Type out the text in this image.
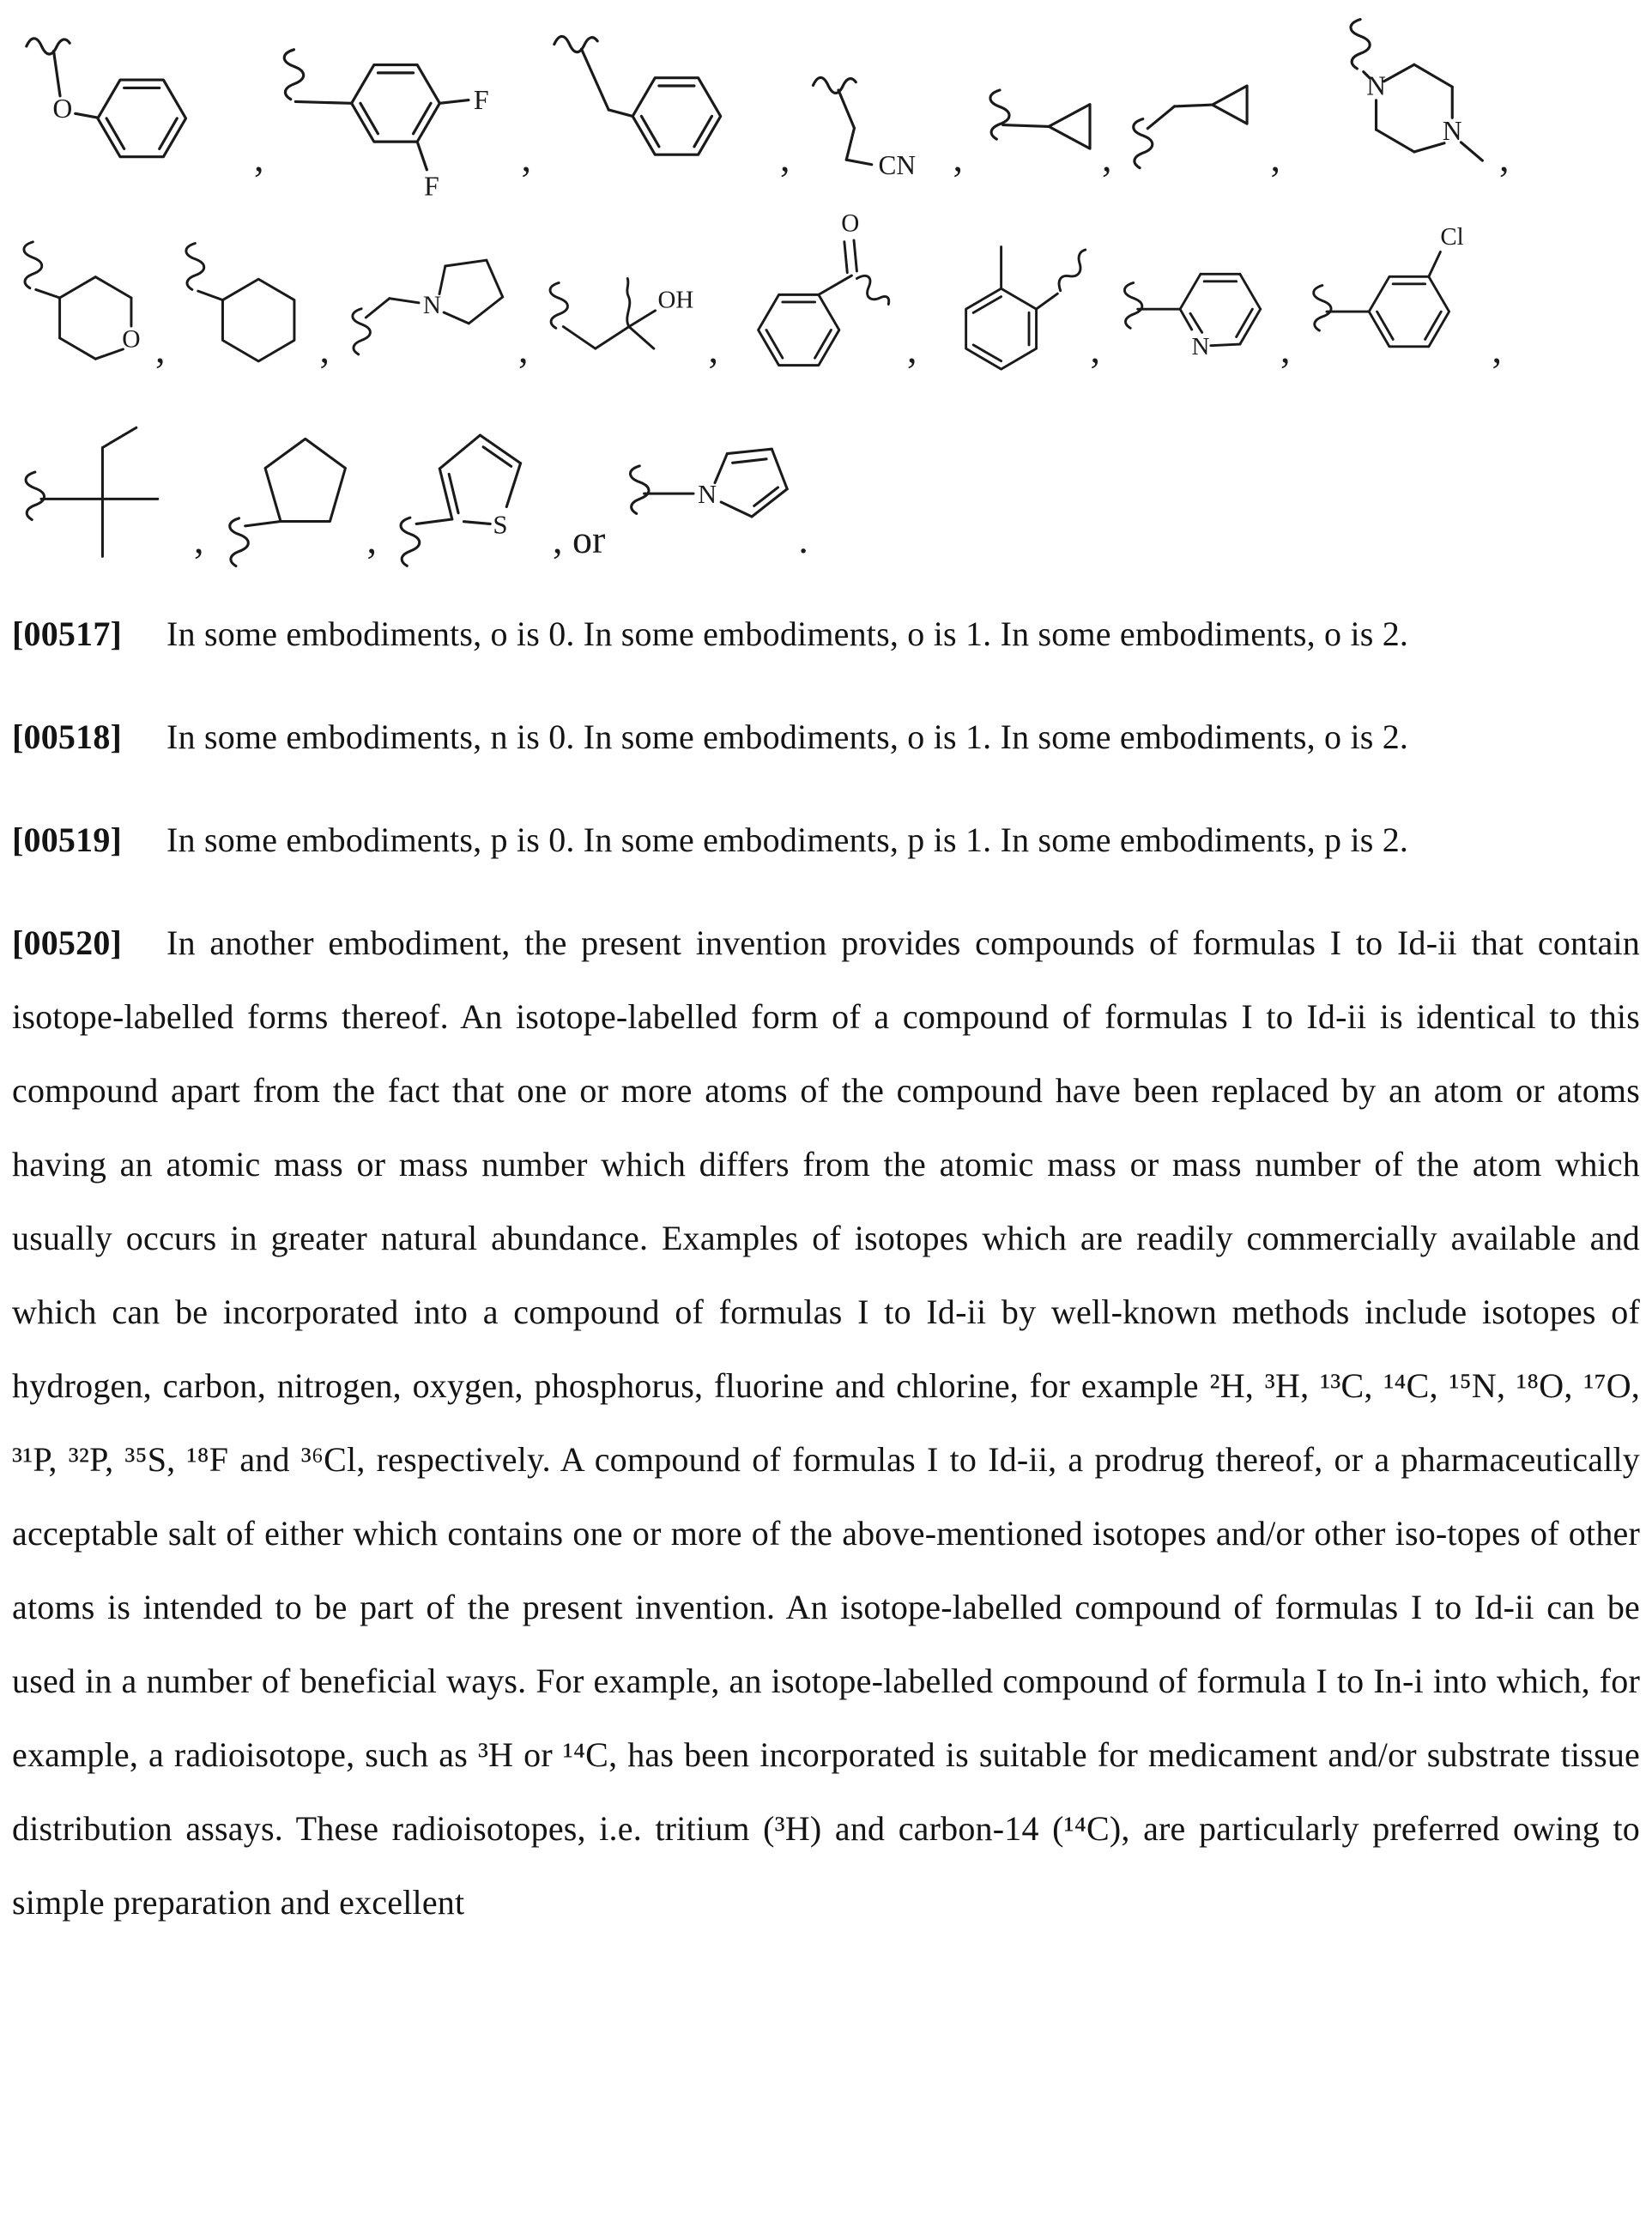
O
,
F
F
,	,	CN ,	,	,
N
N
,
O ,	,
N
,
OH
,
O
,	,	N ,
Cl
,
,	,	S , or
N
.

[00517] In some embodiments, o is 0. In some embodiments, o is 1. In some embodiments, o is 2.

[00518] In some embodiments, n is 0. In some embodiments, o is 1. In some embodiments, o is 2.

[00519] In some embodiments, p is 0. In some embodiments, p is 1. In some embodiments, p is 2.

[00520] In another embodiment, the present invention provides compounds of formulas I to Id-ii that contain isotope-labelled forms thereof. An isotope-labelled form of a compound of formulas I to Id-ii is identical to this compound apart from the fact that one or more atoms of the compound have been replaced by an atom or atoms having an atomic mass or mass number which differs from the atomic mass or mass number of the atom which usually occurs in greater natural abundance. Examples of isotopes which are readily commercially available and which can be incorporated into a compound of formulas I to Id-ii by well-known methods include isotopes of hydrogen, carbon, nitrogen, oxygen, phosphorus, fluorine and chlorine, for example ²H, ³H, ¹³C, ¹⁴C, ¹⁵N, ¹⁸O, ¹⁷O, ³¹P, ³²P, ³⁵S, ¹⁸F and ³⁶Cl, respectively. A compound of formulas I to Id-ii, a prodrug thereof, or a pharmaceutically acceptable salt of either which contains one or more of the above-mentioned isotopes and/or other iso-topes of other atoms is intended to be part of the present invention. An isotope-labelled compound of formulas I to Id-ii can be used in a number of beneficial ways. For example, an isotope-labelled compound of formula I to In-i into which, for example, a radioisotope, such as ³H or ¹⁴C, has been incorporated is suitable for medicament and/or substrate tissue distribution assays. These radioisotopes, i.e. tritium (³H) and carbon-14 (¹⁴C), are particularly preferred owing to simple preparation and excellent
